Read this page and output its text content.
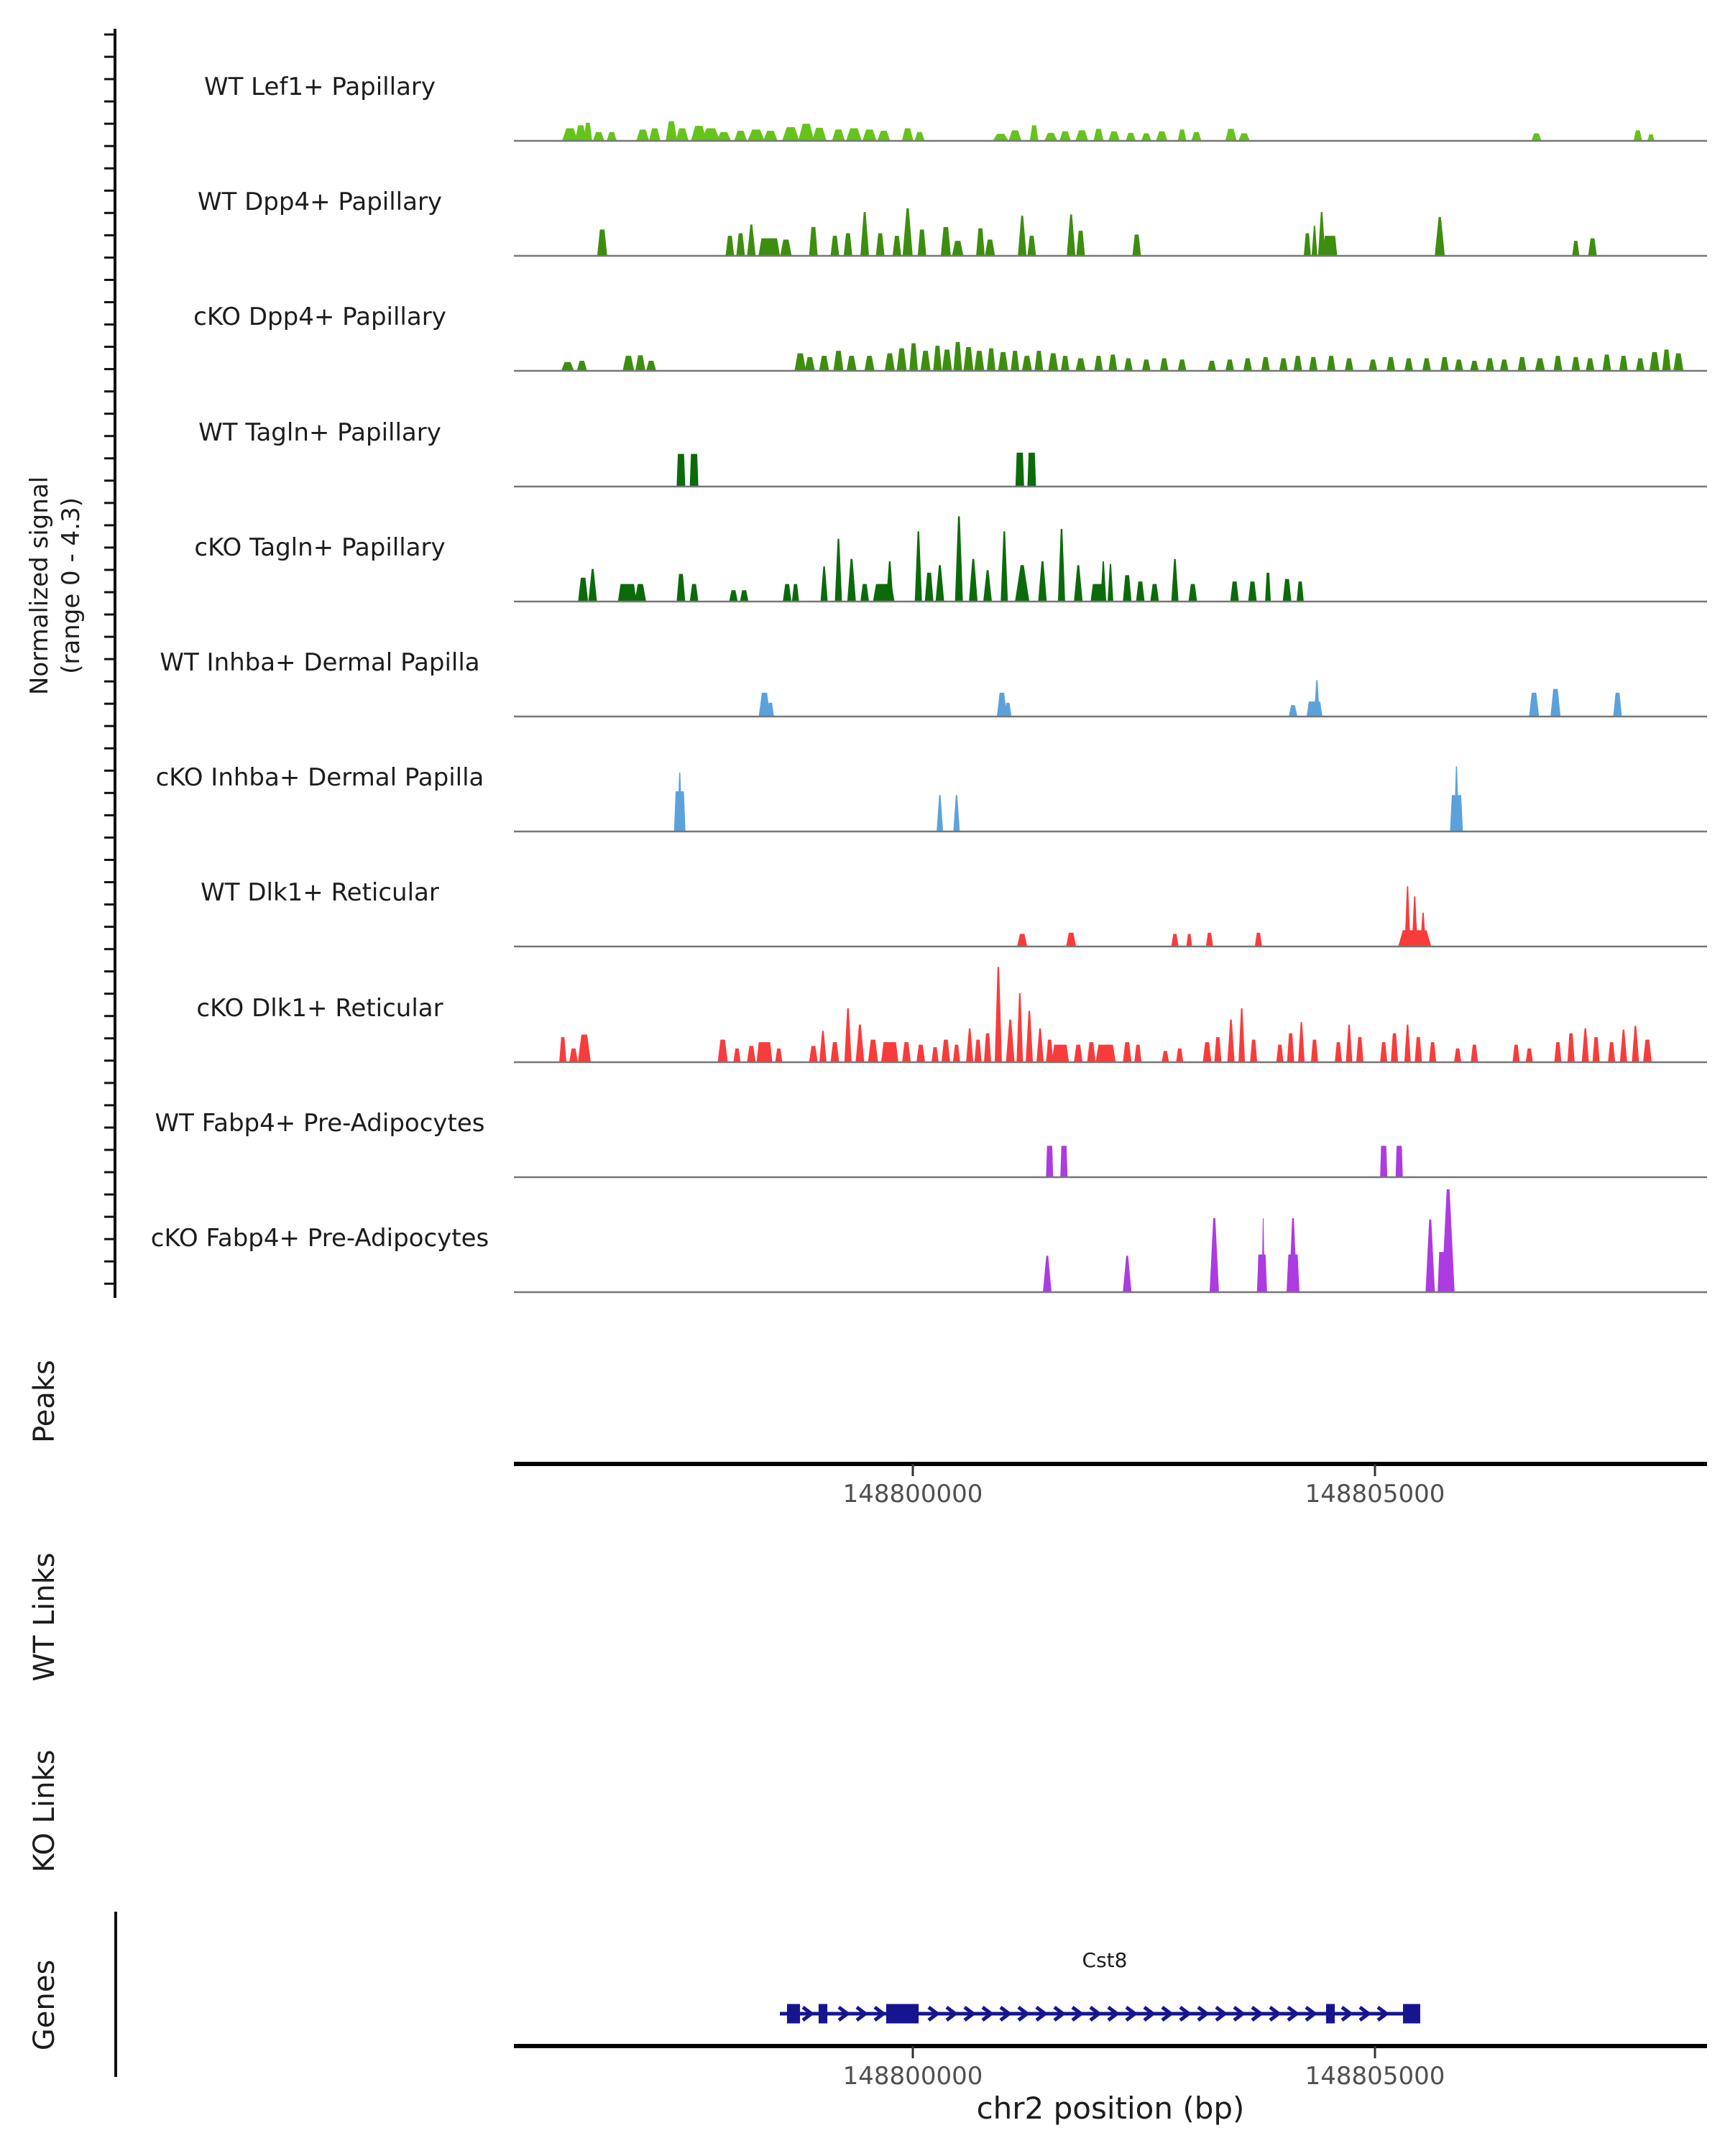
Normalized signal (range 0 - 4.3)
WT Lef1+ Papillary
WT Dpp4+ Papillary
cKO Dpp4+ Papillary
WT Tagln+ Papillary
cKO Tagln+ Papillary
WT Inhba+ Dermal Papilla
cKO Inhba+ Dermal Papilla
WT Dlk1+ Reticular
cKO Dlk1+ Reticular
WT Fabp4+ Pre-Adipocytes
cKO Fabp4+ Pre-Adipocytes
Peaks
WT Links
KO Links
Genes
148800000	148805000
Cst8
148800000	148805000
chr2 position (bp)
